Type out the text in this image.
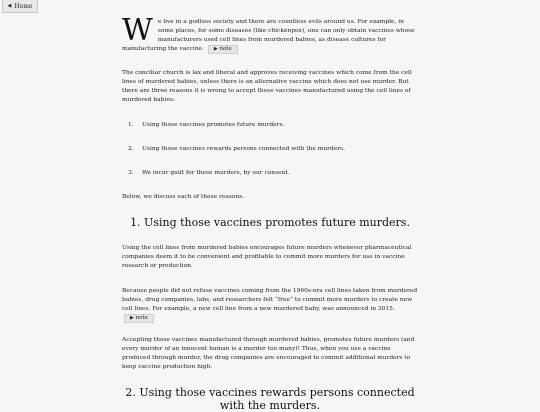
◀ Home

We live in a godless society and there are countless evils around us. For example, in some places, for some diseases (like chickenpox), one can only obtain vaccines whose manufacturers used cell lines from murdered babies, as disease cultures for manufacturing the vaccine. ▶ note

The conciliar church is lax and liberal and approves receiving vaccines which come from the cell lines of murdered babies, unless there is an alternative vaccine which does not use murder. But there are three reasons it is wrong to accept these vaccines manufactured using the cell lines of murdered babies:

1. Using those vaccines promotes future murders.
2. Using those vaccines rewards persons connected with the murders.
3. We incur guilt for these murders, by our consent.

Below, we discuss each of these reasons.

1. Using those vaccines promotes future murders.

Using the cell lines from murdered babies encourages future murders whenever pharmaceutical companies deem it to be convenient and profitable to commit more murders for use in vaccine research or production.

Because people did not refuse vaccines coming from the 1960s-era cell lines taken from murdered babies, drug companies, labs, and researchers felt “free” to commit more murders to create new cell lines. For example, a new cell line from a new murdered baby, was announced in 2015. ▶ note

Accepting those vaccines manufactured through murdered babies, promotes future murders (and every murder of an innocent human is a murder too many)! Thus, when you use a vaccine produced through murder, the drug companies are encouraged to commit additional murders to keep vaccine production high.

2. Using those vaccines rewards persons connected with the murders.
